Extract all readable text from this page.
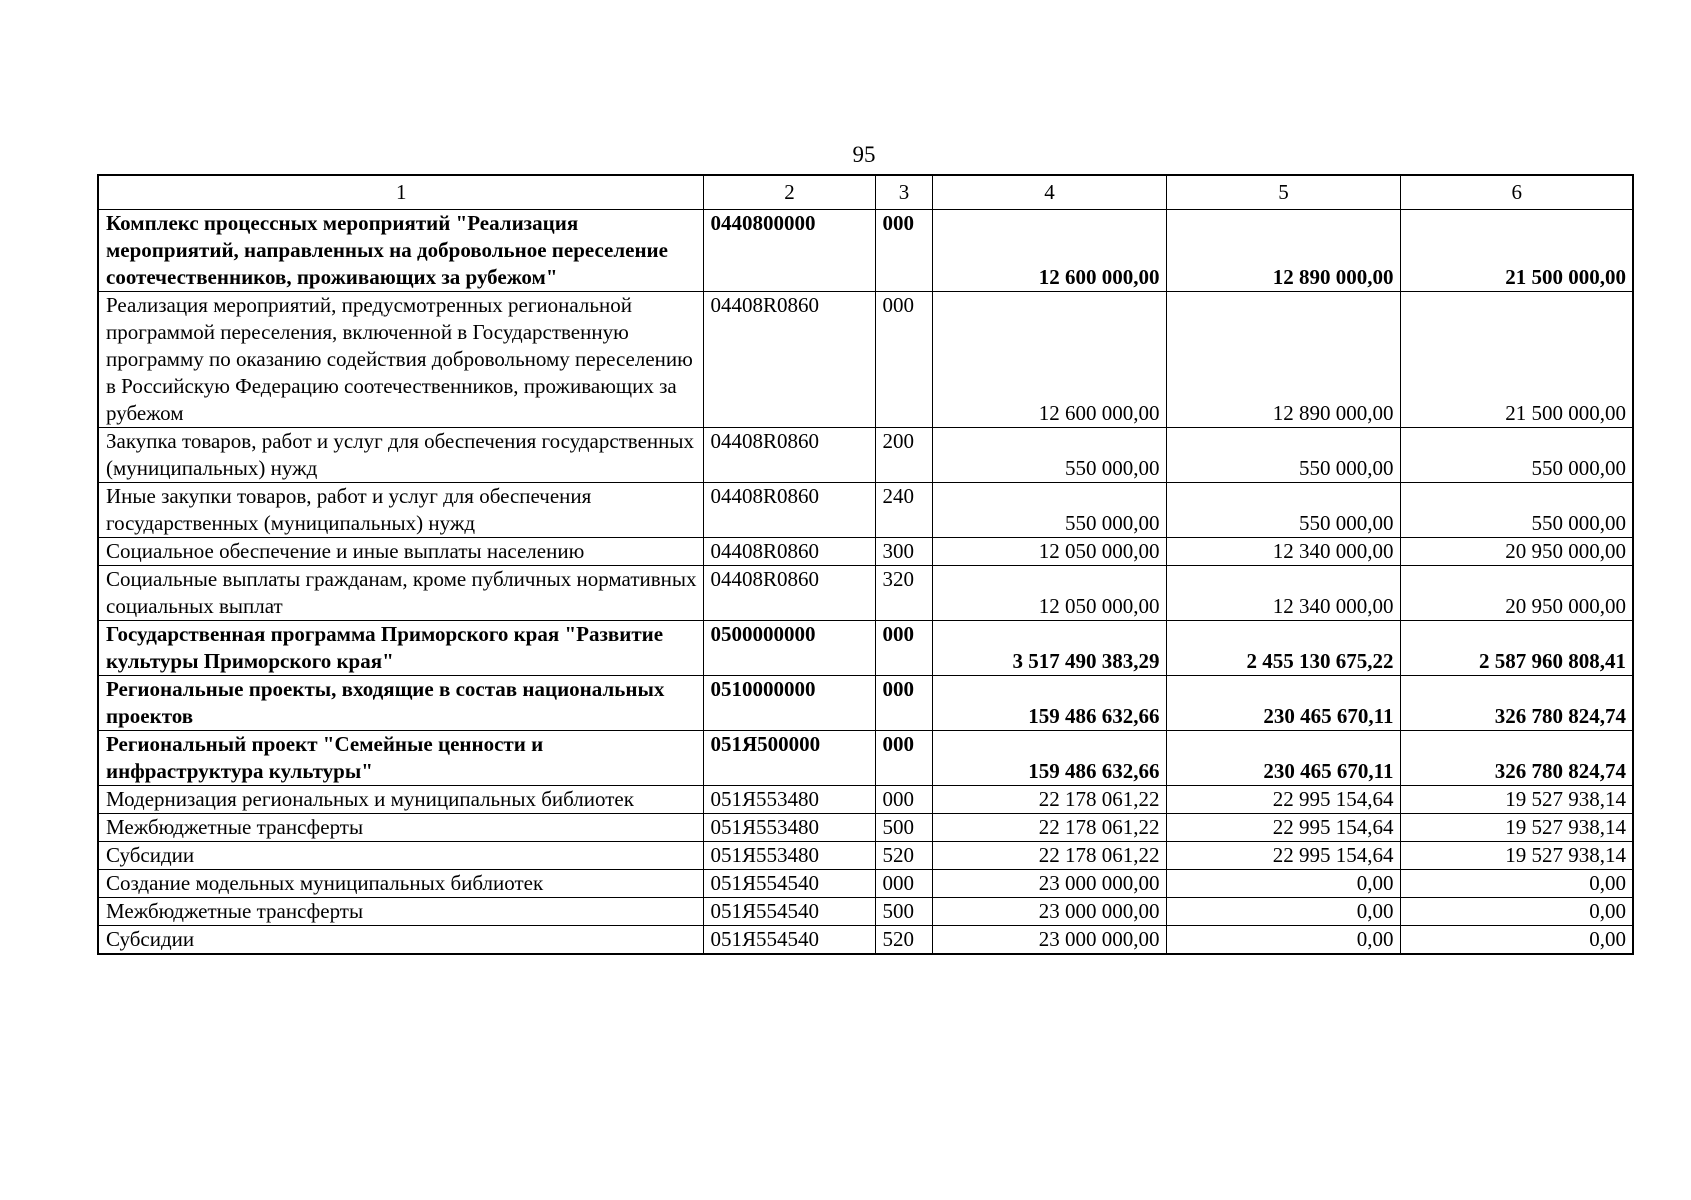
95
1	2	3	4	5	6
Комплекс процессных мероприятий "Реализация мероприятий, направленных на добровольное переселение соотечественников, проживающих за рубежом"	0440800000	000	12 600 000,00	12 890 000,00	21 500 000,00
Реализация мероприятий, предусмотренных региональной программой переселения, включенной в Государственную программу по оказанию содействия добровольному переселению в Российскую Федерацию соотечественников, проживающих за рубежом	04408R0860	000	12 600 000,00	12 890 000,00	21 500 000,00
Закупка товаров, работ и услуг для обеспечения государственных (муниципальных) нужд	04408R0860	200	550 000,00	550 000,00	550 000,00
Иные закупки товаров, работ и услуг для обеспечения государственных (муниципальных) нужд	04408R0860	240	550 000,00	550 000,00	550 000,00
Социальное обеспечение и иные выплаты населению	04408R0860	300	12 050 000,00	12 340 000,00	20 950 000,00
Социальные выплаты гражданам, кроме публичных нормативных социальных выплат	04408R0860	320	12 050 000,00	12 340 000,00	20 950 000,00
Государственная программа Приморского края "Развитие культуры Приморского края"	0500000000	000	3 517 490 383,29	2 455 130 675,22	2 587 960 808,41
Региональные проекты, входящие в состав национальных проектов	0510000000	000	159 486 632,66	230 465 670,11	326 780 824,74
Региональный проект "Семейные ценности и инфраструктура культуры"	051Я500000	000	159 486 632,66	230 465 670,11	326 780 824,74
Модернизация региональных и муниципальных библиотек	051Я553480	000	22 178 061,22	22 995 154,64	19 527 938,14
Межбюджетные трансферты	051Я553480	500	22 178 061,22	22 995 154,64	19 527 938,14
Субсидии	051Я553480	520	22 178 061,22	22 995 154,64	19 527 938,14
Создание модельных муниципальных библиотек	051Я554540	000	23 000 000,00	0,00	0,00
Межбюджетные трансферты	051Я554540	500	23 000 000,00	0,00	0,00
Субсидии	051Я554540	520	23 000 000,00	0,00	0,00
